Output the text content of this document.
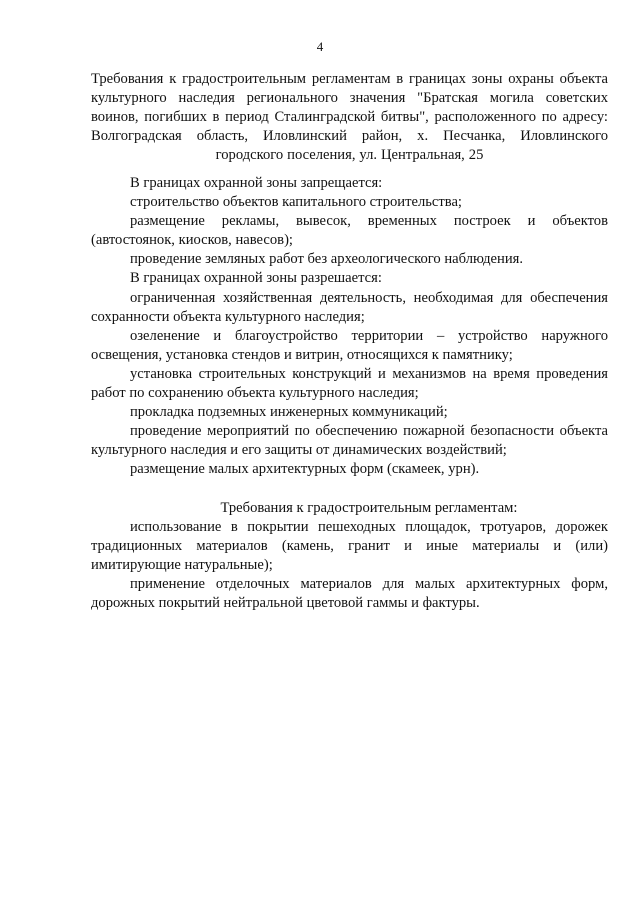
4
Требования к градостроительным регламентам в границах зоны охраны объекта культурного наследия регионального значения "Братская могила советских воинов, погибших в период Сталинградской битвы", расположенного по адресу: Волгоградская область, Иловлинский район, х. Песчанка, Иловлинского городского поселения, ул. Центральная, 25

В границах охранной зоны запрещается:

строительство объектов капитального строительства;

размещение рекламы, вывесок, временных построек и объектов (автостоянок, киосков, навесов);

проведение земляных работ без археологического наблюдения.

В границах охранной зоны разрешается:

ограниченная хозяйственная деятельность, необходимая для обеспечения сохранности объекта культурного наследия;

озеленение и благоустройство территории – устройство наружного освещения, установка стендов и витрин, относящихся к памятнику;

установка строительных конструкций и механизмов на время проведения работ по сохранению объекта культурного наследия;

прокладка подземных инженерных коммуникаций;

проведение мероприятий по обеспечению пожарной безопасности объекта культурного наследия и его защиты от динамических воздействий;

размещение малых архитектурных форм (скамеек, урн).

Требования к градостроительным регламентам:

использование в покрытии пешеходных площадок, тротуаров, дорожек традиционных материалов (камень, гранит и иные материалы и (или) имитирующие натуральные);

применение отделочных материалов для малых архитектурных форм, дорожных покрытий нейтральной цветовой гаммы и фактуры.
